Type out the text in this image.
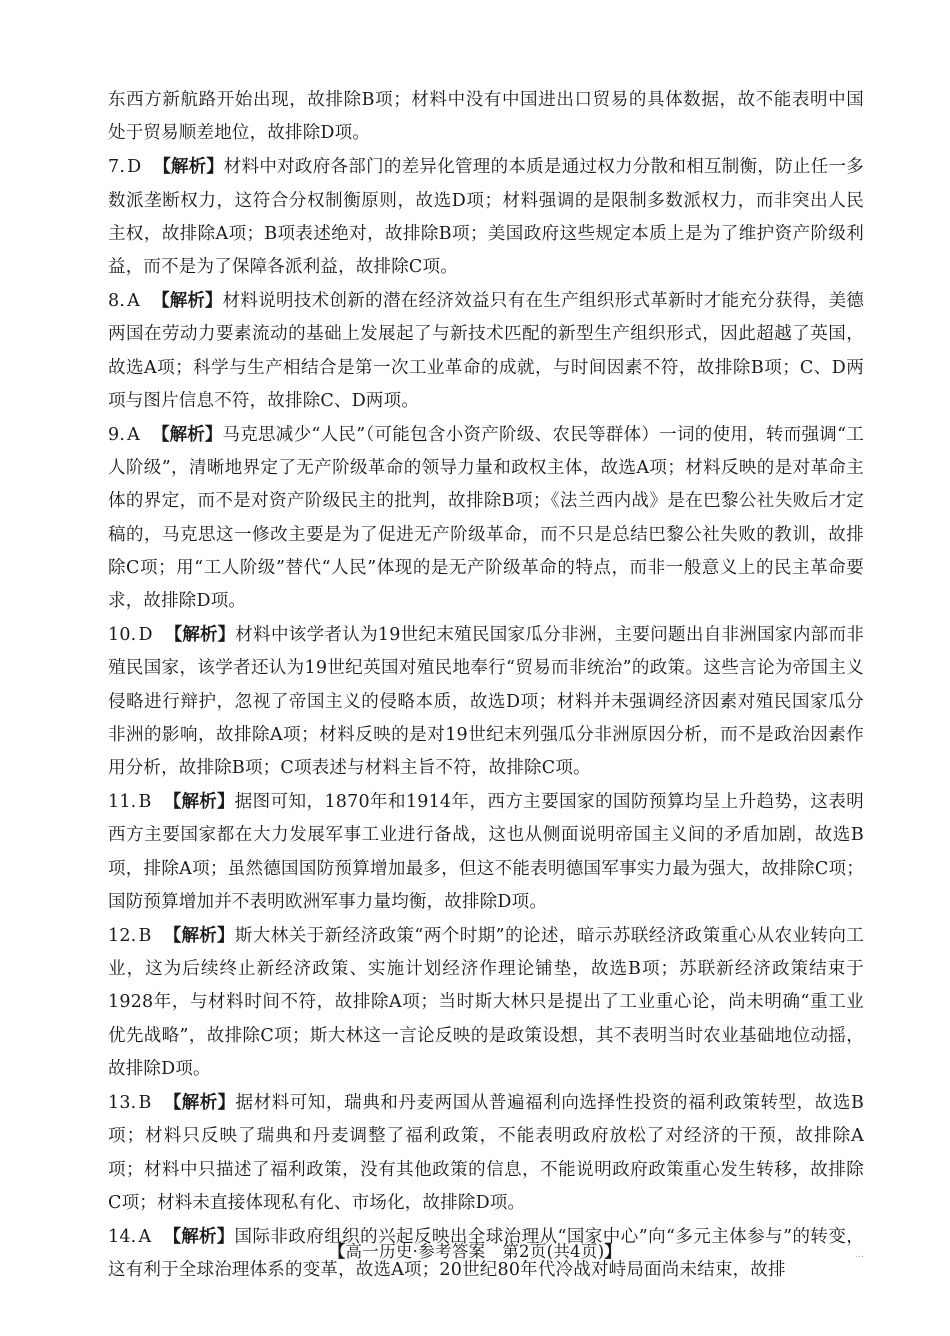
东西方新航路开始出现，故排除B项；材料中没有中国进出口贸易的具体数据，故不能表明中国处于贸易顺差地位，故排除D项。

7. D 【解析】材料中对政府各部门的差异化管理的本质是通过权力分散和相互制衡，防止任一多数派垄断权力，这符合分权制衡原则，故选D项；材料强调的是限制多数派权力，而非突出人民主权，故排除A项；B项表述绝对，故排除B项；美国政府这些规定本质上是为了维护资产阶级利益，而不是为了保障各派利益，故排除C项。

8. A 【解析】材料说明技术创新的潜在经济效益只有在生产组织形式革新时才能充分获得，美德两国在劳动力要素流动的基础上发展起了与新技术匹配的新型生产组织形式，因此超越了英国，故选A项；科学与生产相结合是第一次工业革命的成就，与时间因素不符，故排除B项；C、D两项与图片信息不符，故排除C、D两项。

9. A 【解析】马克思减少“人民”（可能包含小资产阶级、农民等群体）一词的使用，转而强调“工人阶级”，清晰地界定了无产阶级革命的领导力量和政权主体，故选A项；材料反映的是对革命主体的界定，而不是对资产阶级民主的批判，故排除B项；《法兰西内战》是在巴黎公社失败后才定稿的，马克思这一修改主要是为了促进无产阶级革命，而不只是总结巴黎公社失败的教训，故排除C项；用“工人阶级”替代“人民”体现的是无产阶级革命的特点，而非一般意义上的民主革命要求，故排除D项。

10. D 【解析】材料中该学者认为19世纪末殖民国家瓜分非洲，主要问题出自非洲国家内部而非殖民国家，该学者还认为19世纪英国对殖民地奉行“贸易而非统治”的政策。这些言论为帝国主义侵略进行辩护，忽视了帝国主义的侵略本质，故选D项；材料并未强调经济因素对殖民国家瓜分非洲的影响，故排除A项；材料反映的是对19世纪末列强瓜分非洲原因分析，而不是政治因素作用分析，故排除B项；C项表述与材料主旨不符，故排除C项。

11. B 【解析】据图可知，1870年和1914年，西方主要国家的国防预算均呈上升趋势，这表明西方主要国家都在大力发展军事工业进行备战，这也从侧面说明帝国主义间的矛盾加剧，故选B项，排除A项；虽然德国国防预算增加最多，但这不能表明德国军事实力最为强大，故排除C项；国防预算增加并不表明欧洲军事力量均衡，故排除D项。

12. B 【解析】斯大林关于新经济政策“两个时期”的论述，暗示苏联经济政策重心从农业转向工业，这为后续终止新经济政策、实施计划经济作理论铺垫，故选B项；苏联新经济政策结束于1928年，与材料时间不符，故排除A项；当时斯大林只是提出了工业重心论，尚未明确“重工业优先战略”，故排除C项；斯大林这一言论反映的是政策设想，其不表明当时农业基础地位动摇，故排除D项。

13. B 【解析】据材料可知，瑞典和丹麦两国从普遍福利向选择性投资的福利政策转型，故选B项；材料只反映了瑞典和丹麦调整了福利政策，不能表明政府放松了对经济的干预，故排除A项；材料中只描述了福利政策，没有其他政策的信息，不能说明政府政策重心发生转移，故排除C项；材料未直接体现私有化、市场化，故排除D项。

14. A 【解析】国际非政府组织的兴起反映出全球治理从“国家中心”向“多元主体参与”的转变，这有利于全球治理体系的变革，故选A项；20世纪80年代冷战对峙局面尚未结束，故排

【高一历史·参考答案　第2页(共4页)】	...
